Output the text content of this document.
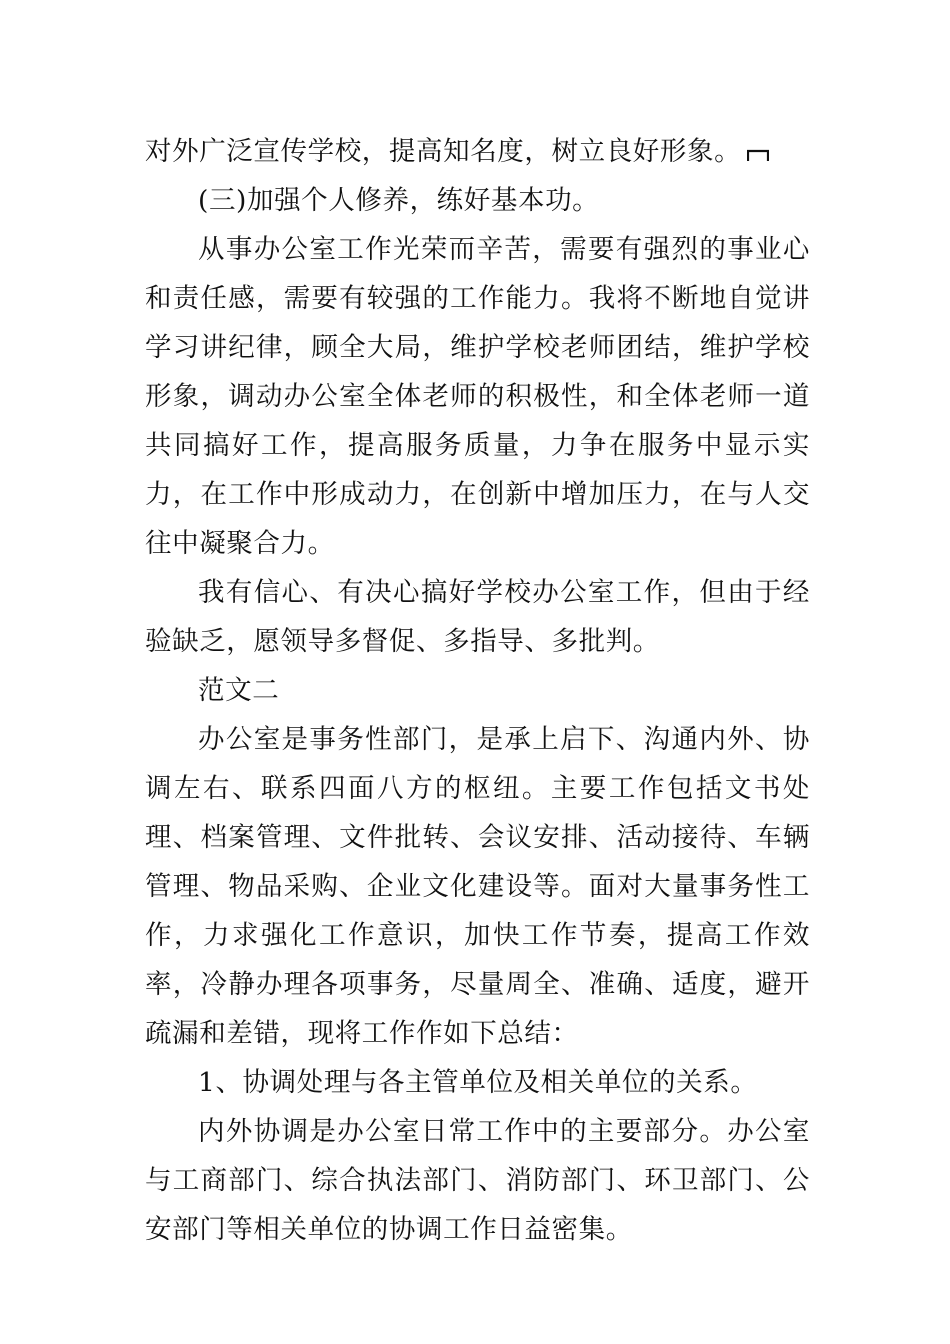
对外广泛宣传学校，提高知名度，树立良好形象。

(三)加强个人修养，练好基本功。

从事办公室工作光荣而辛苦，需要有强烈的事业心和责任感，需要有较强的工作能力。我将不断地自觉讲学习讲纪律，顾全大局，维护学校老师团结，维护学校形象，调动办公室全体老师的积极性，和全体老师一道共同搞好工作，提高服务质量，力争在服务中显示实力，在工作中形成动力，在创新中增加压力，在与人交往中凝聚合力。

我有信心、有决心搞好学校办公室工作，但由于经验缺乏，愿领导多督促、多指导、多批判。

范文二

办公室是事务性部门，是承上启下、沟通内外、协调左右、联系四面八方的枢纽。主要工作包括文书处理、档案管理、文件批转、会议安排、活动接待、车辆管理、物品采购、企业文化建设等。面对大量事务性工作，力求强化工作意识，加快工作节奏，提高工作效率，冷静办理各项事务，尽量周全、准确、适度，避开疏漏和差错，现将工作作如下总结：

1、协调处理与各主管单位及相关单位的关系。

内外协调是办公室日常工作中的主要部分。办公室与工商部门、综合执法部门、消防部门、环卫部门、公安部门等相关单位的协调工作日益密集。
